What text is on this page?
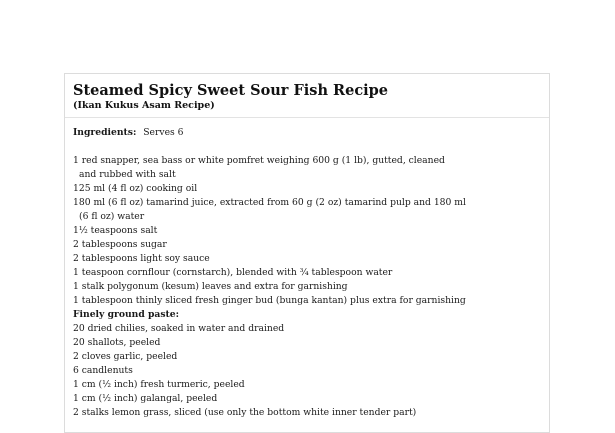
Steamed Spicy Sweet Sour Fish Recipe
(Ikan Kukus Asam Recipe)
Ingredients: Serves 6
1 red snapper, sea bass or white pomfret weighing 600 g (1 lb), gutted, cleaned
and rubbed with salt
125 ml (4 fl oz) cooking oil
180 ml (6 fl oz) tamarind juice, extracted from 60 g (2 oz) tamarind pulp and 180 ml
(6 fl oz) water
1½ teaspoons salt
2 tablespoons sugar
2 tablespoons light soy sauce
1 teaspoon cornflour (cornstarch), blended with ¾ tablespoon water
1 stalk polygonum (kesum) leaves and extra for garnishing
1 tablespoon thinly sliced fresh ginger bud (bunga kantan) plus extra for garnishing
Finely ground paste:
20 dried chilies, soaked in water and drained
20 shallots, peeled
2 cloves garlic, peeled
6 candlenuts
1 cm (½ inch) fresh turmeric, peeled
1 cm (½ inch) galangal, peeled
2 stalks lemon grass, sliced (use only the bottom white inner tender part)
